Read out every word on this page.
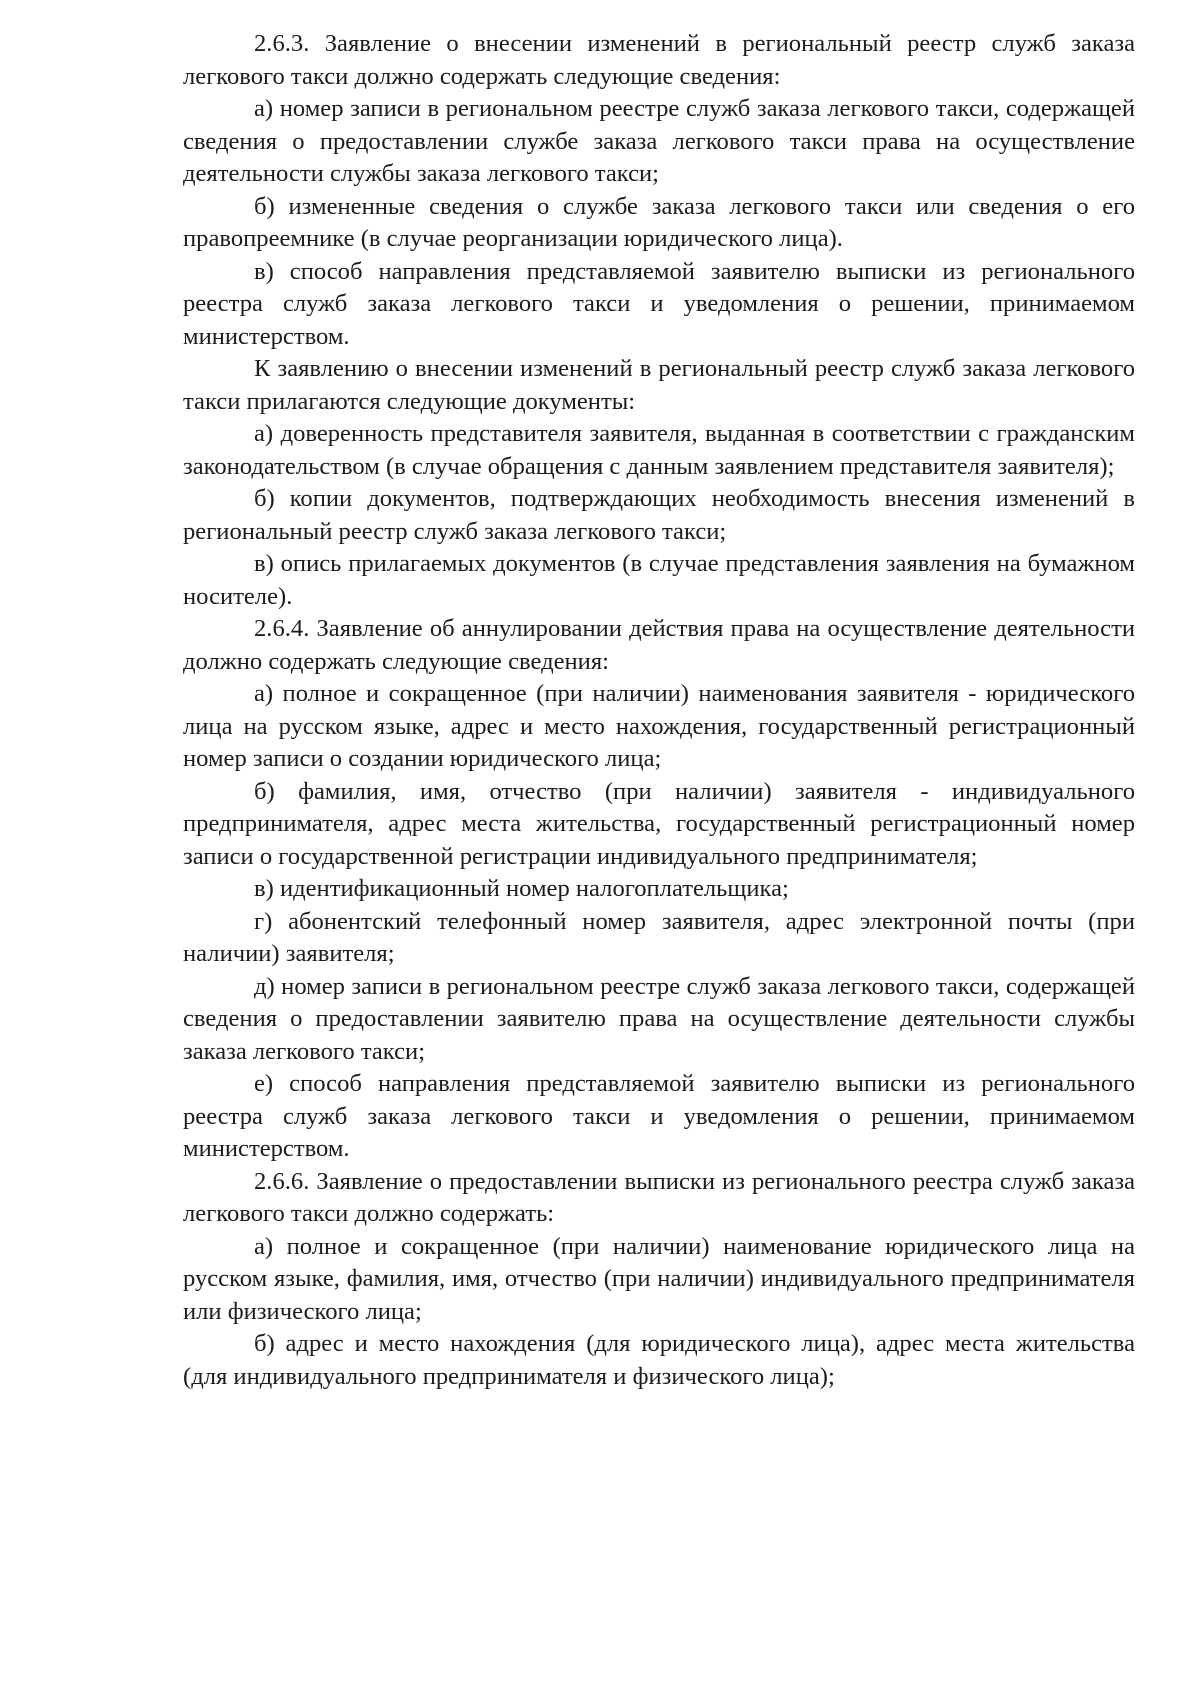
2.6.3. Заявление о внесении изменений в региональный реестр служб заказа легкового такси должно содержать следующие сведения:

а) номер записи в региональном реестре служб заказа легкового такси, содержащей сведения о предоставлении службе заказа легкового такси права на осуществление деятельности службы заказа легкового такси;

б) измененные сведения о службе заказа легкового такси или сведения о его правопреемнике (в случае реорганизации юридического лица).

в) способ направления представляемой заявителю выписки из регионального реестра служб заказа легкового такси и уведомления о решении, принимаемом министерством.

К заявлению о внесении изменений в региональный реестр служб заказа легкового такси прилагаются следующие документы:

а) доверенность представителя заявителя, выданная в соответствии с гражданским законодательством (в случае обращения с данным заявлением представителя заявителя);

б) копии документов, подтверждающих необходимость внесения изменений в региональный реестр служб заказа легкового такси;

в) опись прилагаемых документов (в случае представления заявления на бумажном носителе).

2.6.4. Заявление об аннулировании действия права на осуществление деятельности должно содержать следующие сведения:

а) полное и сокращенное (при наличии) наименования заявителя - юридического лица на русском языке, адрес и место нахождения, государственный регистрационный номер записи о создании юридического лица;

б) фамилия, имя, отчество (при наличии) заявителя - индивидуального предпринимателя, адрес места жительства, государственный регистрационный номер записи о государственной регистрации индивидуального предпринимателя;

в) идентификационный номер налогоплательщика;

г) абонентский телефонный номер заявителя, адрес электронной почты (при наличии) заявителя;

д) номер записи в региональном реестре служб заказа легкового такси, содержащей сведения о предоставлении заявителю права на осуществление деятельности службы заказа легкового такси;

е) способ направления представляемой заявителю выписки из регионального реестра служб заказа легкового такси и уведомления о решении, принимаемом министерством.

2.6.6. Заявление о предоставлении выписки из регионального реестра служб заказа легкового такси должно содержать:

а) полное и сокращенное (при наличии) наименование юридического лица на русском языке, фамилия, имя, отчество (при наличии) индивидуального предпринимателя или физического лица;

б) адрес и место нахождения (для юридического лица), адрес места жительства (для индивидуального предпринимателя и физического лица);
